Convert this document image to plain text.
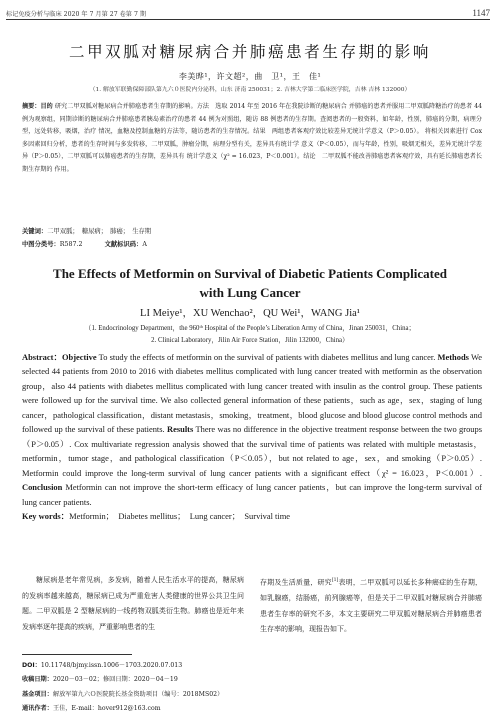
标记免疫分析与临床 2020 年 7 月第 27 卷第 7 期	1147
二甲双胍对糖尿病合并肺癌患者生存期的影响
李美晔¹，许文超²，曲　卫¹，王　佳¹
（1. 解放军联勤保障部队第九六０医院内分泌科，山东 济南 250031；2. 吉林大学第二临床医学院，吉林 吉林 132000）
摘要：目的 研究二甲双胍对糖尿病合并肺癌患者生存期的影响。方法　选取 2014 年至 2016 年在我院诊断的糖尿病合 并肺癌的患者并服用二甲双胍降糖治疗的患者 44 例为观察组，同期诊断的糖尿病合并肺癌患者胰岛素治疗的患者 44 例为对照组，随访 88 例患者的生存期。查阅患者的一般资料，如年龄，性别，肺癌的分期，病理分型，远处转移，吸烟，治疗 情况，血糖及控制血糖的方法等，随访患者的生存情况。结果　两组患者客观疗效比较差异无统计学意义（P＞0.05）。 将相关因素进行 Cox 多因素回归分析，患者的生存时间与多发转移，二甲双胍，肿瘤分期，病理分型有关，差异具有统计学 意义（P＜0.05），而与年龄，性别，吸烟无相关，差异无统计学差异（P＞0.05），二甲双胍可以肺癌患者的生存期，差异具有 统计学意义（χ² = 16.023，P＜0.001）。结论　二甲双胍不能改善肺癌患者客观疗效，具有延长肺癌患者长期生存期的 作用。
关键词：二甲双胍；　糖尿病；　肺癌；　生存期
中图分类号：R587.2	文献标识码：A
The Effects of Metformin on Survival of Diabetic Patients Complicated
with Lung Cancer
LI Meiye¹，XU Wenchao²，QU Wei¹，WANG Jia¹
（1. Endocrinology Department，the 960ᵗʰ Hospital of the People’s Liberation Army of China，Jinan 250031，China；
2. Clinical Laboratory，Jilin Air Force Station，Jilin 132000，China）
Abstract：Objective To study the effects of metformin on the survival of patients with diabetes mellitus and lung cancer. Methods We selected 44 patients from 2010 to 2016 with diabetes mellitus complicated with lung cancer treated with metformin as the observation group，also 44 patients with diabetes mellitus complicated with lung cancer treated with insulin as the control group. These patients were followed up for the survival time. We also collected general information of these patients，such as age，sex，staging of lung cancer，pathological classification，distant metastasis，smoking，treatment，blood glucose and blood glucose control methods and followed up the survival of these patients. Results There was no difference in the objective treatment response between the two groups（P＞0.05）. Cox multivariate regression analysis showed that the survival time of patients was related with multiple metastasis，metformin，tumor stage，and pathological classification（P＜0.05），but not related to age，sex，and smoking（P＞0.05）. Metformin could improve the long-term survival of lung cancer patients with a significant effect（χ² = 16.023，P＜0.001）. Conclusion Metformin can not improve the short-term efficacy of lung cancer patients，but can improve the long-term survival of lung cancer patients.
Key words：Metformin；　Diabetes mellitus；　Lung cancer；　Survival time
糖尿病是老年常见病，多发病，随着人民生活水平的提高，糖尿病的发病率越来越高，糖尿病已成为严重危害人类健康的世界公共卫生问题。二甲双胍是 2 型糖尿病的一线药物双胍类衍生物。肺癌也是近年来发病率逐年提高的疾病，严重影响患者的生
存期及生活质量，研究[1]表明，二甲双胍可以延长多种癌症的生存期，如乳腺癌，结肠癌，前列腺癌等，但是关于二甲双胍对糖尿病合并肺癌患者生存率的研究不多，本文主要研究二甲双胍对糖尿病合并肺癌患者生存率的影响，现报告如下。
DOI：10.11748/bjmy.issn.1006－1703.2020.07.013
收稿日期：2020－03－02；修回日期：2020－04－19
基金项目：解放军第九六Ｏ医院院长基金资助项目（编号：2018MS02）
通讯作者：王佳，E-mail：hover912@163.com
